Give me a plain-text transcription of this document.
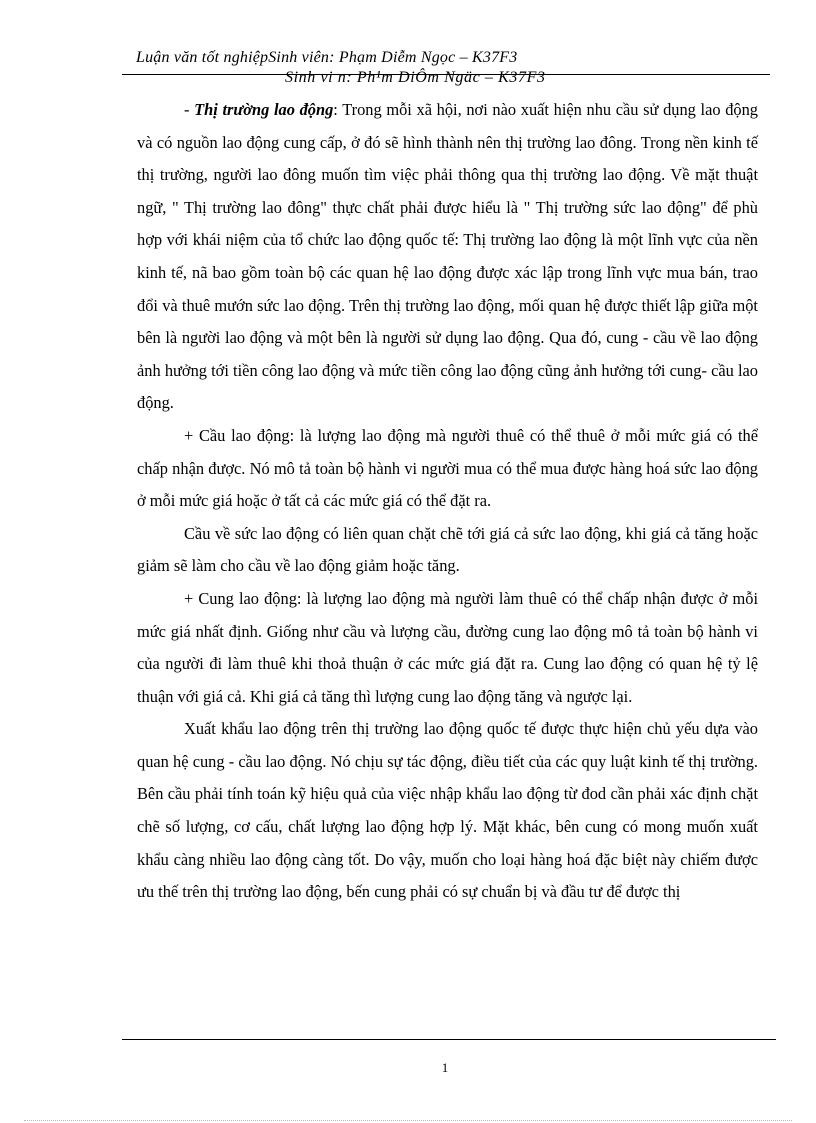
Luận văn tốt nghiệpSinh viên: Phạm Diễm Ngọc – K37F3
Sinh vi n: Ph¹m DiÔm Ngäc – K37F3

- Thị trường lao động: Trong mỗi xã hội, nơi nào xuất hiện nhu cầu sử dụng lao động và có nguồn lao động cung cấp, ở đó sẽ hình thành nên thị trường lao đông. Trong nền kinh tế thị trường, người lao đông muốn tìm việc phải thông qua thị trường lao động. Về mặt thuật ngữ, " Thị trường lao đông" thực chất phải được hiểu là " Thị trường sức lao động" để phù hợp với khái niệm của tổ chức lao động quốc tế: Thị trường lao động là một lĩnh vực của nền kinh tế, nã bao gồm toàn bộ các quan hệ lao động được xác lập trong lĩnh vực mua bán, trao đổi và thuê mướn sức lao động. Trên thị trường lao động, mối quan hệ được thiết lập giữa một bên là người lao động và một bên là người sử dụng lao động. Qua đó, cung - cầu về lao động ảnh hưởng tới tiền công lao động và mức tiền công lao động cũng ảnh hưởng tới cung- cầu lao động.

+ Cầu lao động: là lượng lao động mà người thuê có thể thuê ở mỗi mức giá có thể chấp nhận được. Nó mô tả toàn bộ hành vi người mua có thể mua được hàng hoá sức lao động ở mỗi mức giá hoặc ở tất cả các mức giá có thể đặt ra.

Cầu về sức lao động có liên quan chặt chẽ tới giá cả sức lao động, khi giá cả tăng hoặc giảm sẽ làm cho cầu về lao động giảm hoặc tăng.

+ Cung lao động: là lượng lao động mà người làm thuê có thể chấp nhận được ở mỗi mức giá nhất định. Giống như cầu và lượng cầu, đường cung lao động mô tả toàn bộ hành vi của người đi làm thuê khi thoả thuận ở các mức giá đặt ra. Cung lao động có quan hệ tỷ lệ thuận với giá cả. Khi giá cả tăng thì lượng cung lao động tăng và ngược lại.

Xuất khẩu lao động trên thị trường lao động quốc tế được thực hiện chủ yếu dựa vào quan hệ cung - cầu lao động. Nó chịu sự tác động, điều tiết của các quy luật kinh tế thị trường. Bên cầu phải tính toán kỹ hiệu quả của việc nhập khẩu lao động từ đod cần phải xác định chặt chẽ số lượng, cơ cấu, chất lượng lao động hợp lý. Mặt khác, bên cung có mong muốn xuất khẩu càng nhiều lao động càng tốt. Do vậy, muốn cho loại hàng hoá đặc biệt này chiếm được ưu thế trên thị trường lao động, bến cung phải có sự chuẩn bị và đầu tư để được thị

1
